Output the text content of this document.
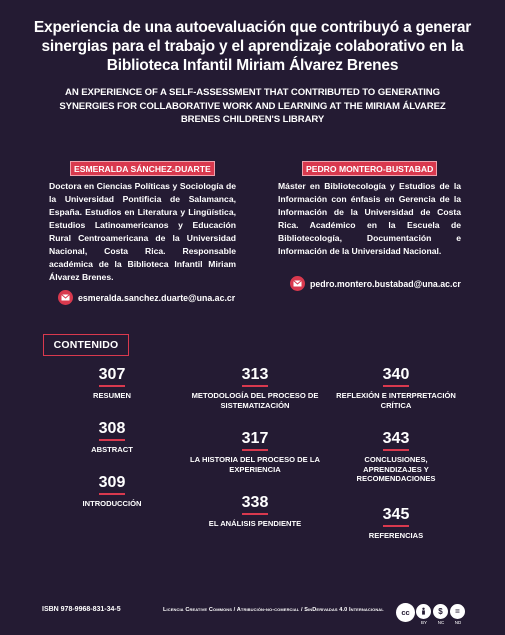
Experiencia de una autoevaluación que contribuyó a generar sinergias para el trabajo y el aprendizaje colaborativo en la Biblioteca Infantil Miriam Álvarez Brenes
AN EXPERIENCE OF A SELF-ASSESSMENT THAT CONTRIBUTED TO GENERATING SYNERGIES FOR COLLABORATIVE WORK AND LEARNING AT THE MIRIAM ÁLVAREZ BRENES CHILDREN'S LIBRARY
ESMERALDA SÁNCHEZ-DUARTE

Doctora en Ciencias Políticas y Sociología de la Universidad Pontificia de Salamanca, España. Estudios en Literatura y Lingüística, Estudios Latinoamericanos y Educación Rural Centroamericana de la Universidad Nacional, Costa Rica. Responsable académica de la Biblioteca Infantil Miriam Álvarez Brenes.

esmeralda.sanchez.duarte@una.ac.cr
PEDRO MONTERO-BUSTABAD

Máster en Bibliotecología y Estudios de la Información con énfasis en Gerencia de la Información de la Universidad de Costa Rica. Académico en la Escuela de Bibliotecología, Documentación e Información de la Universidad Nacional.

pedro.montero.bustabad@una.ac.cr
CONTENIDO
307
RESUMEN
308
ABSTRACT
309
INTRODUCCIÓN
313
METODOLOGÍA DEL PROCESO DE SISTEMATIZACIÓN
317
LA HISTORIA DEL PROCESO DE LA EXPERIENCIA
338
EL ANÁLISIS PENDIENTE
340
REFLEXIÓN E INTERPRETACIÓN CRÍTICA
343
CONCLUSIONES, APRENDIZAJES Y RECOMENDACIONES
345
REFERENCIAS
ISBN 978-9968-831-34-5	Licencia Creative Commons / Atribución-no-comercial / SinDerivadas 4.0 Internacional cc
BY
$
NC
=
ND
